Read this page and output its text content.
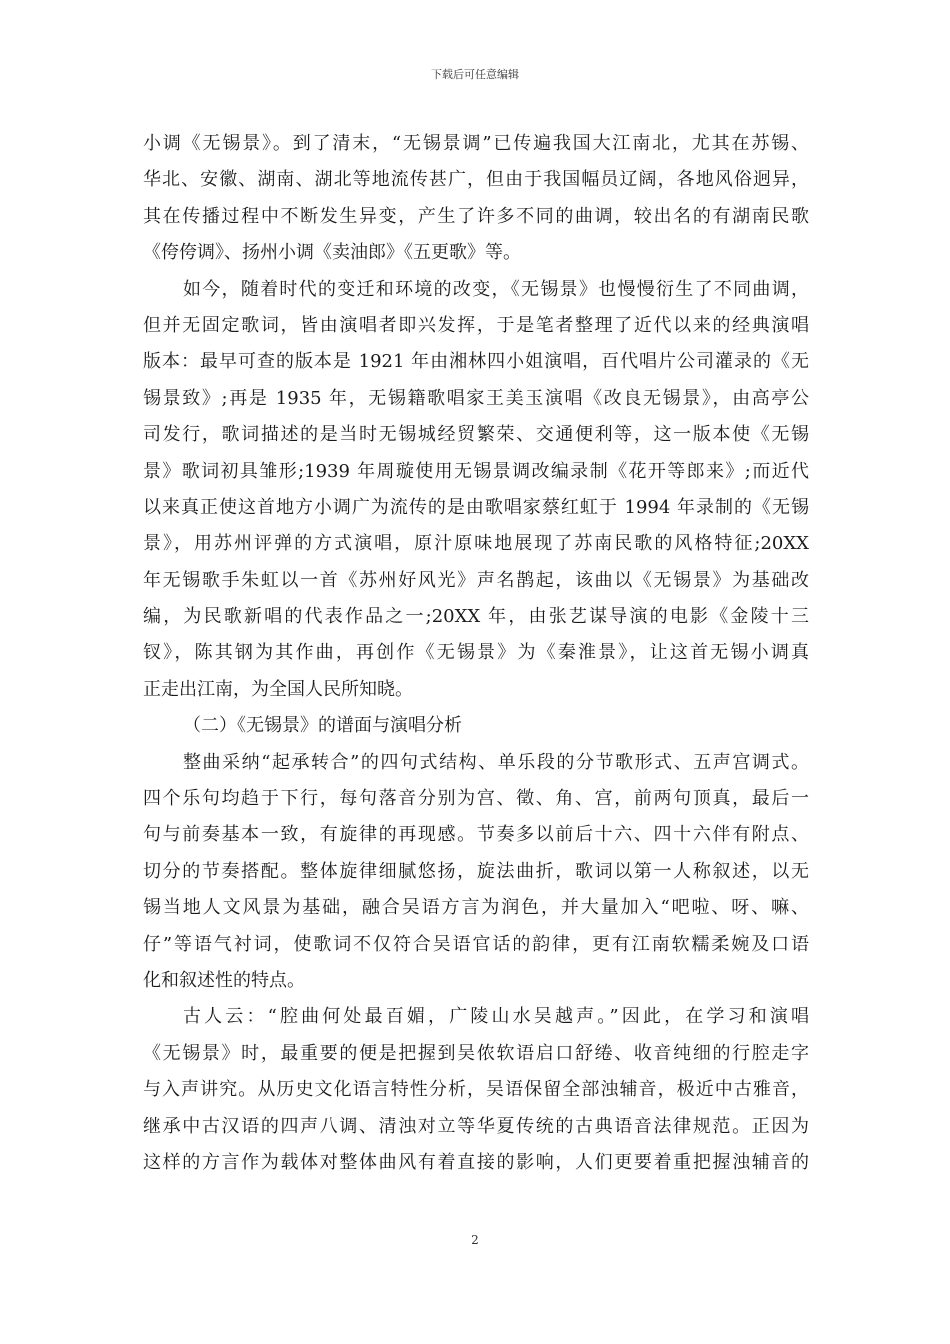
下载后可任意编辑
小调《无锡景》。到了清末，“无锡景调”已传遍我国大江南北，尤其在苏锡、
华北、安徽、湖南、湖北等地流传甚广，但由于我国幅员辽阔，各地风俗迥异，
其在传播过程中不断发生异变，产生了许多不同的曲调，较出名的有湖南民歌
《侉侉调》、扬州小调《卖油郎》《五更歌》等。
如今，随着时代的变迁和环境的改变，《无锡景》也慢慢衍生了不同曲调，
但并无固定歌词，皆由演唱者即兴发挥，于是笔者整理了近代以来的经典演唱
版本：最早可查的版本是 1921 年由湘林四小姐演唱，百代唱片公司灌录的《无
锡景致》;再是 1935 年，无锡籍歌唱家王美玉演唱《改良无锡景》，由高亭公
司发行，歌词描述的是当时无锡城经贸繁荣、交通便利等，这一版本使《无锡
景》歌词初具雏形;1939 年周璇使用无锡景调改编录制《花开等郎来》;而近代
以来真正使这首地方小调广为流传的是由歌唱家蔡红虹于 1994 年录制的《无锡
景》，用苏州评弹的方式演唱，原汁原味地展现了苏南民歌的风格特征;20XX
年无锡歌手朱虹以一首《苏州好风光》声名鹊起，该曲以《无锡景》为基础改
编，为民歌新唱的代表作品之一;20XX 年，由张艺谋导演的电影《金陵十三
钗》，陈其钢为其作曲，再创作《无锡景》为《秦淮景》，让这首无锡小调真
正走出江南，为全国人民所知晓。
（二）《无锡景》的谱面与演唱分析
整曲采纳“起承转合”的四句式结构、单乐段的分节歌形式、五声宫调式。
四个乐句均趋于下行，每句落音分别为宫、徵、角、宫，前两句顶真，最后一
句与前奏基本一致，有旋律的再现感。节奏多以前后十六、四十六伴有附点、
切分的节奏搭配。整体旋律细腻悠扬，旋法曲折，歌词以第一人称叙述，以无
锡当地人文风景为基础，融合吴语方言为润色，并大量加入“吧啦、呀、嘛、
仔”等语气衬词，使歌词不仅符合吴语官话的韵律，更有江南软糯柔婉及口语
化和叙述性的特点。
古人云：“腔曲何处最百媚，广陵山水吴越声。”因此，在学习和演唱
《无锡景》时，最重要的便是把握到吴侬软语启口舒绻、收音纯细的行腔走字
与入声讲究。从历史文化语言特性分析，吴语保留全部浊辅音，极近中古雅音，
继承中古汉语的四声八调、清浊对立等华夏传统的古典语音法律规范。正因为
这样的方言作为载体对整体曲风有着直接的影响，人们更要着重把握浊辅音的
2
